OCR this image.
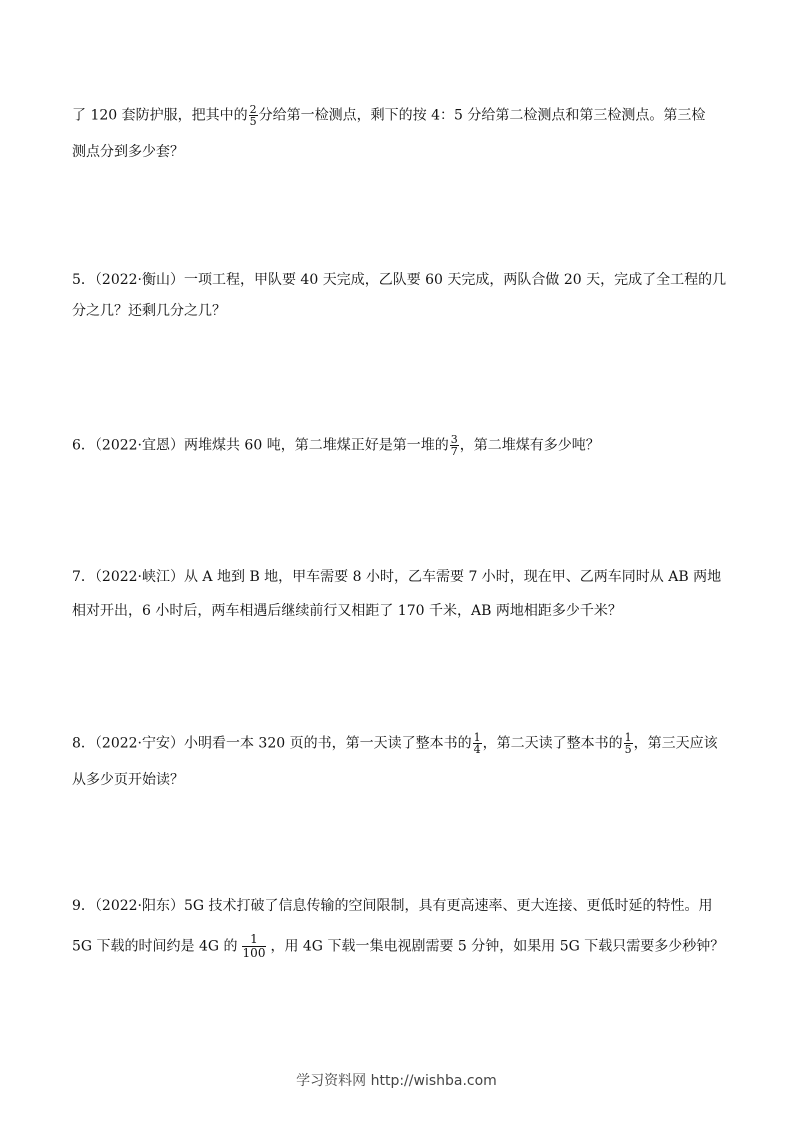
了 120 套防护服，把其中的 $\frac{2}{5}$ 分给第一检测点，剩下的按 4：5 分给第二检测点和第三检测点。第三检
测点分到多少套？
5．（2022·衡山）一项工程，甲队要 40 天完成，乙队要 60 天完成，两队合做 20 天，完成了全工程的几
分之几？还剩几分之几？
6．（2022·宜恩）两堆煤共 60 吨，第二堆煤正好是第一堆的 $\frac{3}{7}$ ，第二堆煤有多少吨？
7．（2022·峡江）从 A 地到 B 地，甲车需要 8 小时，乙车需要 7 小时，现在甲、乙两车同时从 AB 两地
相对开出，6 小时后，两车相遇后继续前行又相距了 170 千米，AB 两地相距多少千米？
8．（2022·宁安）小明看一本 320 页的书，第一天读了整本书的 $\frac{1}{4}$ ，第二天读了整本书的 $\frac{1}{5}$ ，第三天应该
从多少页开始读？
9．（2022·阳东）5G 技术打破了信息传输的空间限制，具有更高速率、更大连接、更低时延的特性。用
5G 下载的时间约是 4G 的 $\frac{1}{100}$ ，用 4G 下载一集电视剧需要 5 分钟，如果用 5G 下载只需要多少秒钟？
学习资料网 http://wishba.com
